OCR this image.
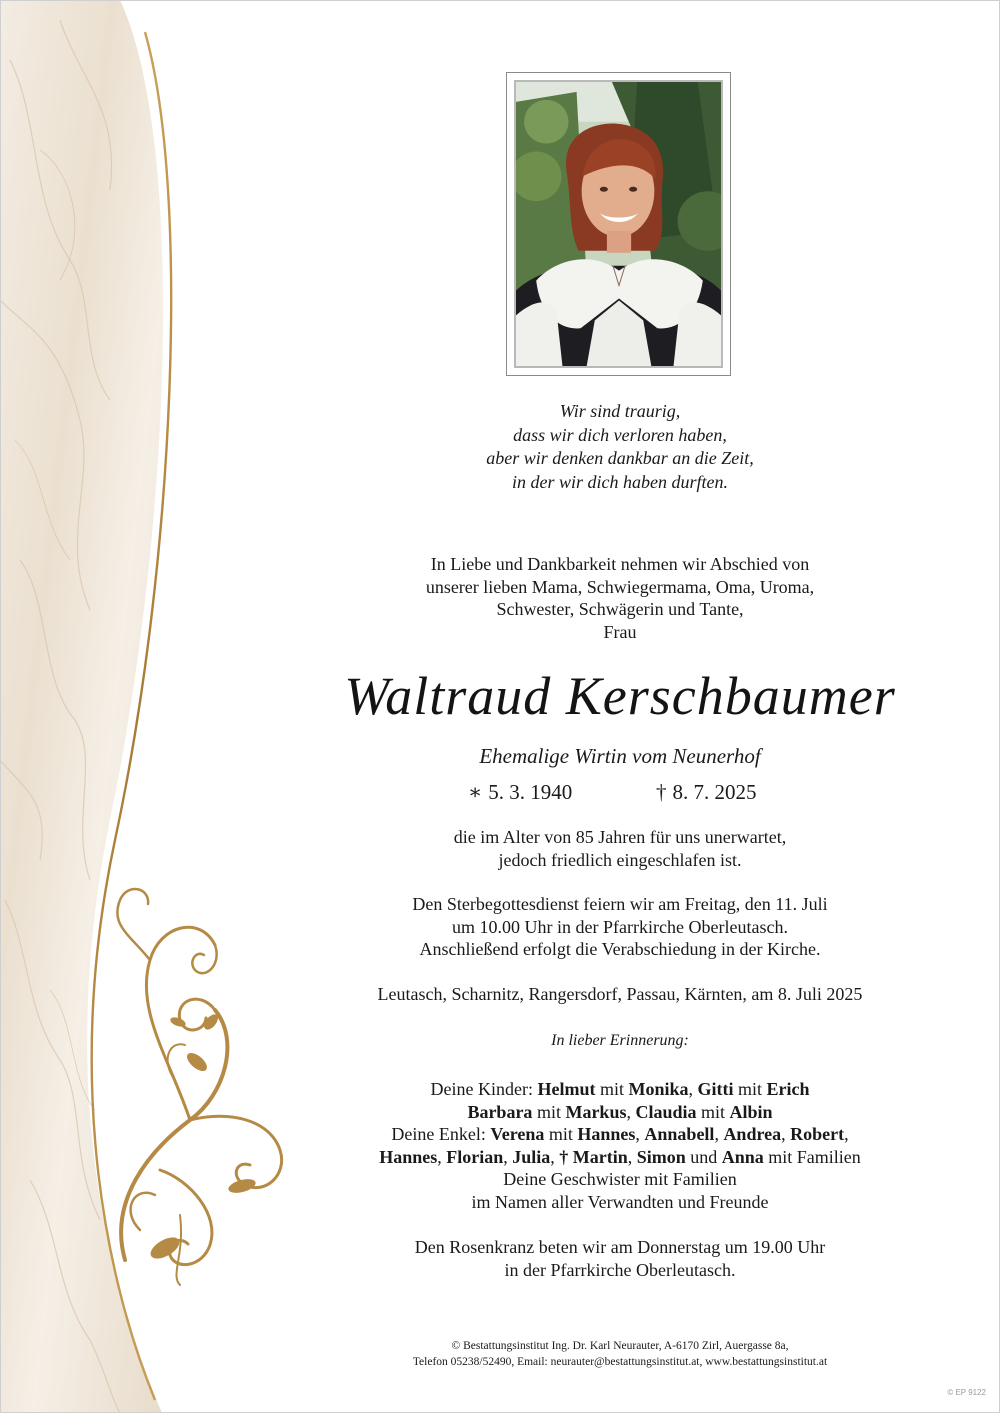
Wir sind traurig,
dass wir dich verloren haben,
aber wir denken dankbar an die Zeit,
in der wir dich haben durften.
In Liebe und Dankbarkeit nehmen wir Abschied von
unserer lieben Mama, Schwiegermama, Oma, Uroma,
Schwester, Schwägerin und Tante,
Frau
Waltraud Kerschbaumer
Ehemalige Wirtin vom Neunerhof
∗ 5. 3. 1940	† 8. 7. 2025
die im Alter von 85 Jahren für uns unerwartet,
jedoch friedlich eingeschlafen ist.
Den Sterbegottesdienst feiern wir am Freitag, den 11. Juli
um 10.00 Uhr in der Pfarrkirche Oberleutasch.
Anschließend erfolgt die Verabschiedung in der Kirche.
Leutasch, Scharnitz, Rangersdorf, Passau, Kärnten, am 8. Juli 2025
In lieber Erinnerung:
Deine Kinder: Helmut mit Monika, Gitti mit Erich
Barbara mit Markus, Claudia mit Albin
Deine Enkel: Verena mit Hannes, Annabell, Andrea, Robert,
Hannes, Florian, Julia, † Martin, Simon und Anna mit Familien
Deine Geschwister mit Familien
im Namen aller Verwandten und Freunde
Den Rosenkranz beten wir am Donnerstag um 19.00 Uhr
in der Pfarrkirche Oberleutasch.
© Bestattungsinstitut Ing. Dr. Karl Neurauter, A-6170 Zirl, Auergasse 8a,
Telefon 05238/52490, Email: neurauter@bestattungsinstitut.at, www.bestattungsinstitut.at
© EP 9122
